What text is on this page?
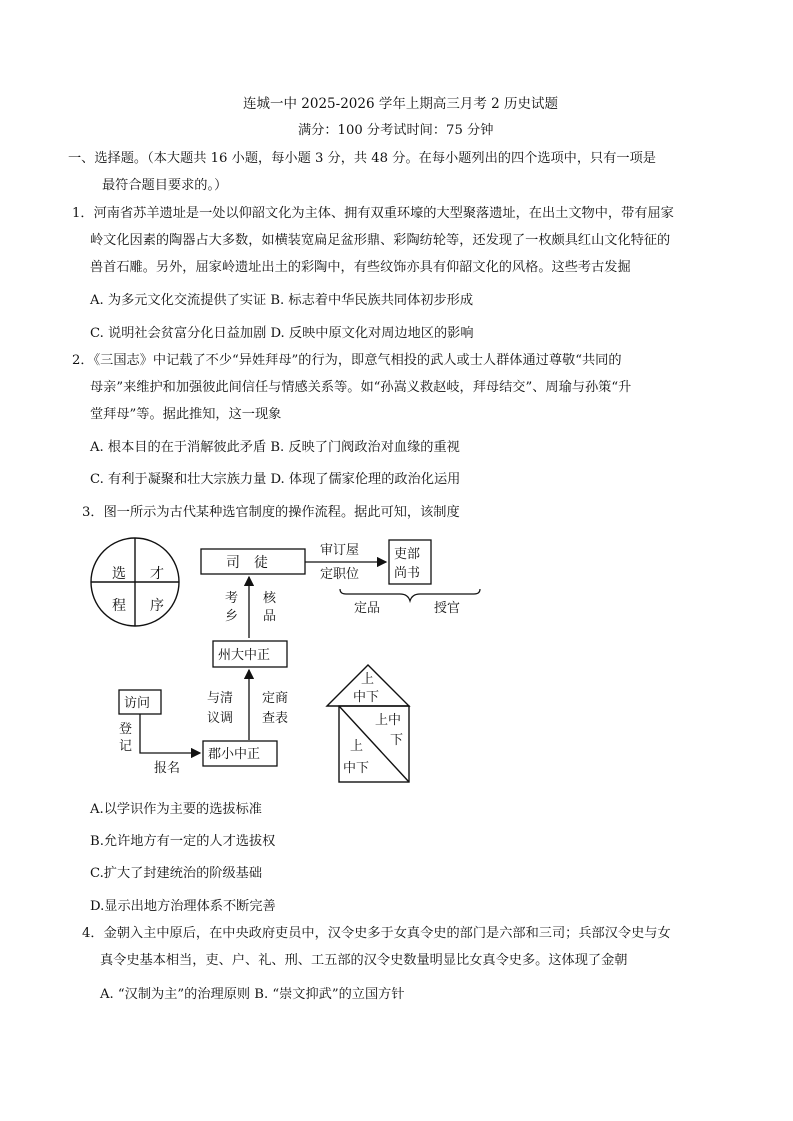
连城一中 2025-2026 学年上期高三月考 2 历史试题
满分：100 分考试时间：75 分钟
一、选择题。（本大题共 16 小题，每小题 3 分，共 48 分。在每小题列出的四个选项中，只有一项是
最符合题目要求的。）
1．河南省苏羊遗址是一处以仰韶文化为主体、拥有双重环壕的大型聚落遗址，在出土文物中，带有屈家
岭文化因素的陶器占大多数，如横装宽扁足盆形鼎、彩陶纺轮等，还发现了一枚颇具红山文化特征的
兽首石雕。另外，屈家岭遗址出土的彩陶中，有些纹饰亦具有仰韶文化的风格。这些考古发掘
A. 为多元文化交流提供了实证 B. 标志着中华民族共同体初步形成
C. 说明社会贫富分化日益加剧 D. 反映中原文化对周边地区的影响
2．《三国志》中记载了不少“异姓拜母”的行为，即意气相投的武人或士人群体通过尊敬“共同的
母亲”来维护和加强彼此间信任与情感关系等。如“孙嵩义救赵岐，拜母结交”、周瑜与孙策“升
堂拜母”等。据此推知，这一现象
A. 根本目的在于消解彼此矛盾 B. 反映了门阀政治对血缘的重视
C. 有利于凝聚和壮大宗族力量 D. 体现了儒家伦理的政治化运用
3．图一所示为古代某种选官制度的操作流程。据此可知，该制度
选 才
程 序
司　徒
审订屋
定职位
吏部
尚书
定品	授官
考
乡
核
品
州大中正
与清
议调
定商
查表
访问
登
记
报名
郡小中正
上
中下
上中
下
上
中下
A.以学识作为主要的选拔标准
B.允许地方有一定的人才选拔权
C.扩大了封建统治的阶级基础
D.显示出地方治理体系不断完善
4．金朝入主中原后，在中央政府吏员中，汉令史多于女真令史的部门是六部和三司；兵部汉令史与女
真令史基本相当，吏、户、礼、刑、工五部的汉令史数量明显比女真令史多。这体现了金朝
A. “汉制为主”的治理原则 B. “崇文抑武”的立国方针
